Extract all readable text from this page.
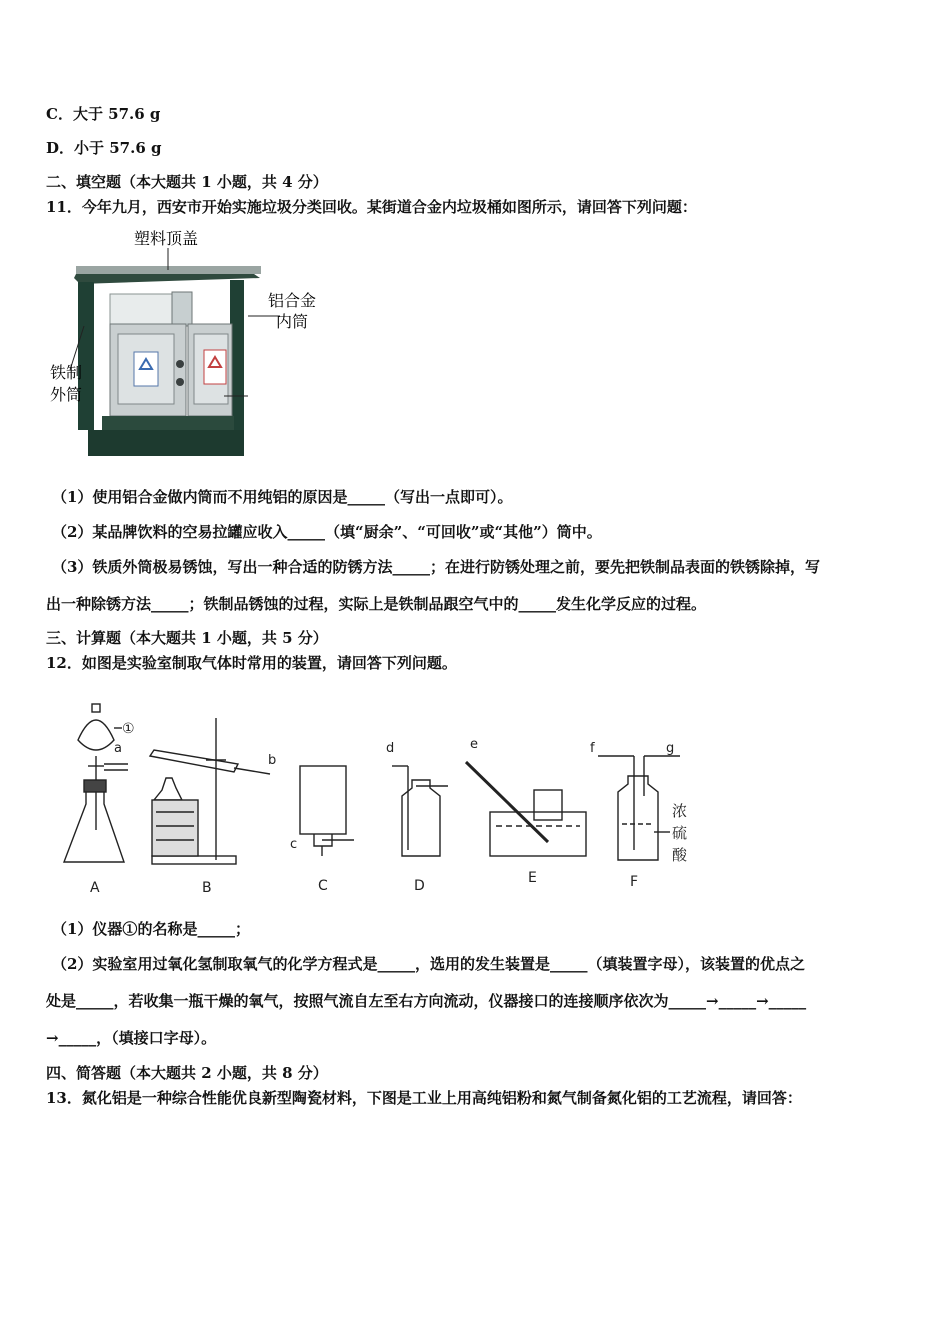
C．大于 57.6 g
D．小于 57.6 g
二、填空题（本大题共 1 小题，共 4 分）
11．今年九月，西安市开始实施垃圾分类回收。某街道合金内垃圾桶如图所示，请回答下列问题：
塑料顶盖
铝合金
内筒
铁制
外筒
（1）使用铝合金做内筒而不用纯铝的原因是_____（写出一点即可）。
（2）某品牌饮料的空易拉罐应收入_____（填“厨余”、“可回收”或“其他”）筒中。
（3）铁质外筒极易锈蚀，写出一种合适的防锈方法_____；在进行防锈处理之前，要先把铁制品表面的铁锈除掉，写
出一种除锈方法_____；铁制品锈蚀的过程，实际上是铁制品跟空气中的_____发生化学反应的过程。
三、计算题（本大题共 1 小题，共 5 分）
12．如图是实验室制取气体时常用的装置，请回答下列问题。
①
a
A
b
B
c
C
d
D
e
E
f	g
浓
硫
酸
F
（1）仪器①的名称是_____；
（2）实验室用过氧化氢制取氧气的化学方程式是_____，选用的发生装置是_____（填装置字母），该装置的优点之
处是_____，若收集一瓶干燥的氧气，按照气流自左至右方向流动，仪器接口的连接顺序依次为_____→_____→_____
→_____，（填接口字母）。
四、简答题（本大题共 2 小题，共 8 分）
13．氮化铝是一种综合性能优良新型陶瓷材料，下图是工业上用高纯铝粉和氮气制备氮化铝的工艺流程，请回答：
